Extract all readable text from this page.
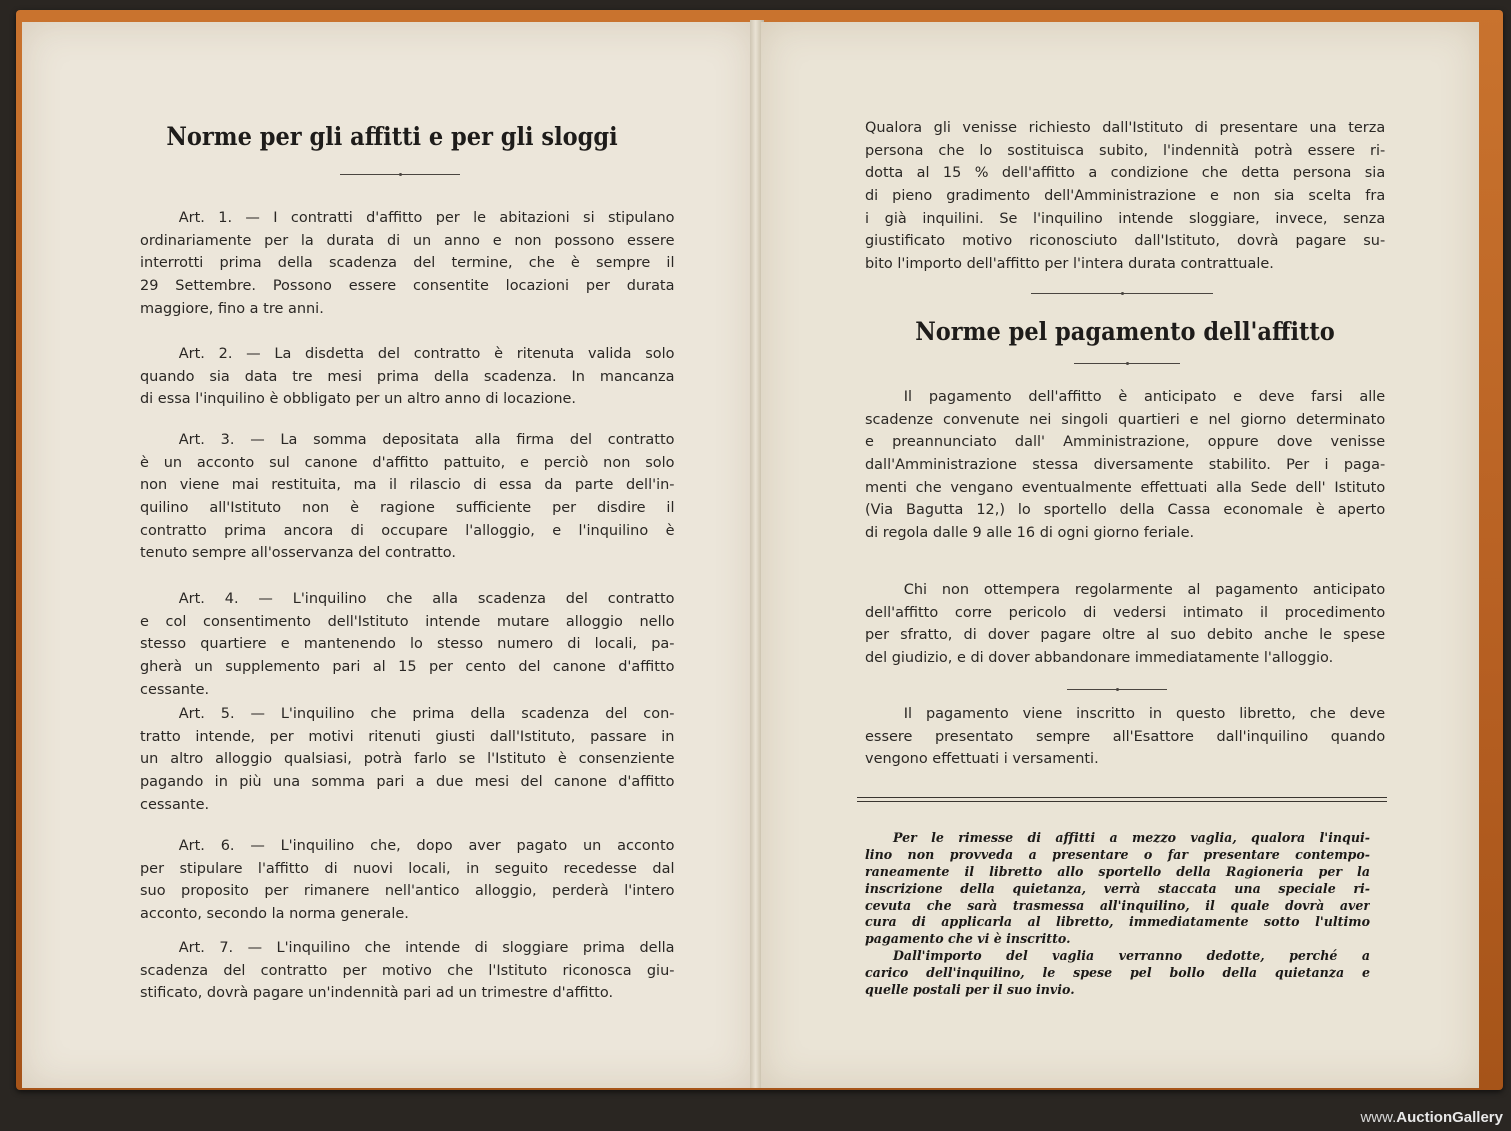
Norme per gli affitti e per gli sloggi
Art. 1. — I contratti d'affitto per le abitazioni si stipulano
ordinariamente per la durata di un anno e non possono essere
interrotti prima della scadenza del termine, che è sempre il
29 Settembre. Possono essere consentite locazioni per durata
maggiore, fino a tre anni.
Art. 2. — La disdetta del contratto è ritenuta valida solo
quando sia data tre mesi prima della scadenza. In mancanza
di essa l'inquilino è obbligato per un altro anno di locazione.
Art. 3. — La somma depositata alla firma del contratto
è un acconto sul canone d'affitto pattuito, e perciò non solo
non viene mai restituita, ma il rilascio di essa da parte dell'in-
quilino all'Istituto non è ragione sufficiente per disdire il
contratto prima ancora di occupare l'alloggio, e l'inquilino è
tenuto sempre all'osservanza del contratto.
Art. 4. — L'inquilino che alla scadenza del contratto
e col consentimento dell'Istituto intende mutare alloggio nello
stesso quartiere e mantenendo lo stesso numero di locali, pa-
gherà un supplemento pari al 15 per cento del canone d'affitto
cessante.
Art. 5. — L'inquilino che prima della scadenza del con-
tratto intende, per motivi ritenuti giusti dall'Istituto, passare in
un altro alloggio qualsiasi, potrà farlo se l'Istituto è consenziente
pagando in più una somma pari a due mesi del canone d'affitto
cessante.
Art. 6. — L'inquilino che, dopo aver pagato un acconto
per stipulare l'affitto di nuovi locali, in seguito recedesse dal
suo proposito per rimanere nell'antico alloggio, perderà l'intero
acconto, secondo la norma generale.
Art. 7. — L'inquilino che intende di sloggiare prima della
scadenza del contratto per motivo che l'Istituto riconosca giu-
stificato, dovrà pagare un'indennità pari ad un trimestre d'affitto.
Qualora gli venisse richiesto dall'Istituto di presentare una terza
persona che lo sostituisca subito, l'indennità potrà essere ri-
dotta al 15 % dell'affitto a condizione che detta persona sia
di pieno gradimento dell'Amministrazione e non sia scelta fra
i già inquilini. Se l'inquilino intende sloggiare, invece, senza
giustificato motivo riconosciuto dall'Istituto, dovrà pagare su-
bito l'importo dell'affitto per l'intera durata contrattuale.
Norme pel pagamento dell'affitto
Il pagamento dell'affitto è anticipato e deve farsi alle
scadenze convenute nei singoli quartieri e nel giorno determinato
e preannunciato dall' Amministrazione, oppure dove venisse
dall'Amministrazione stessa diversamente stabilito. Per i paga-
menti che vengano eventualmente effettuati alla Sede dell' Istituto
(Via Bagutta 12,) lo sportello della Cassa economale è aperto
di regola dalle 9 alle 16 di ogni giorno feriale.
Chi non ottempera regolarmente al pagamento anticipato
dell'affitto corre pericolo di vedersi intimato il procedimento
per sfratto, di dover pagare oltre al suo debito anche le spese
del giudizio, e di dover abbandonare immediatamente l'alloggio.
Il pagamento viene inscritto in questo libretto, che deve
essere presentato sempre all'Esattore dall'inquilino quando
vengono effettuati i versamenti.
Per le rimesse di affitti a mezzo vaglia, qualora l'inqui-
lino non provveda a presentare o far presentare contempo-
raneamente il libretto allo sportello della Ragioneria per la
inscrizione della quietanza, verrà staccata una speciale ri-
cevuta che sarà trasmessa all'inquilino, il quale dovrà aver
cura di applicarla al libretto, immediatamente sotto l'ultimo
pagamento che vi è inscritto.
Dall'importo del vaglia verranno dedotte, perché a
carico dell'inquilino, le spese pel bollo della quietanza e
quelle postali per il suo invio.
www.AuctionGallery
